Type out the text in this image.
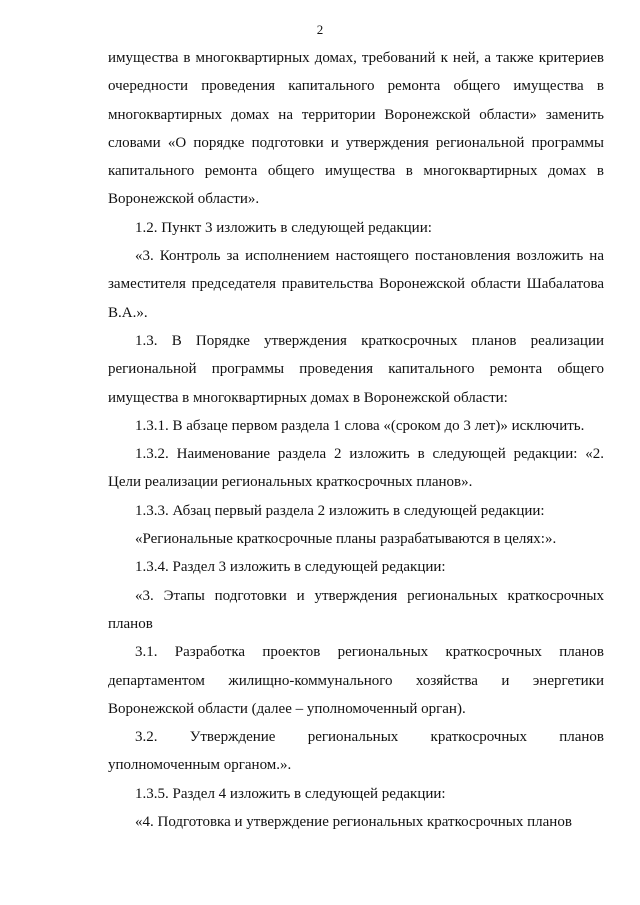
2

имущества в многоквартирных домах, требований к ней, а также критериев очередности проведения капитального ремонта общего имущества в многоквартирных домах на территории Воронежской области» заменить словами «О порядке подготовки и утверждения региональной программы капитального ремонта общего имущества в многоквартирных домах в Воронежской области».

1.2. Пункт 3 изложить в следующей редакции:

«3. Контроль за исполнением настоящего постановления возложить на заместителя председателя правительства Воронежской области Шабалатова В.А.».

1.3. В Порядке утверждения краткосрочных планов реализации региональной программы проведения капитального ремонта общего имущества в многоквартирных домах в Воронежской области:

1.3.1. В абзаце первом раздела 1 слова «(сроком до 3 лет)» исключить.

1.3.2. Наименование раздела 2 изложить в следующей редакции: «2. Цели реализации региональных краткосрочных планов».

1.3.3. Абзац первый раздела 2 изложить в следующей редакции:

«Региональные краткосрочные планы разрабатываются в целях:».

1.3.4. Раздел 3 изложить в следующей редакции:

«3. Этапы подготовки и утверждения региональных краткосрочных планов

3.1. Разработка проектов региональных краткосрочных планов департаментом жилищно-коммунального хозяйства и энергетики Воронежской области (далее – уполномоченный орган).

3.2. Утверждение региональных краткосрочных планов уполномоченным органом.».

1.3.5. Раздел 4 изложить в следующей редакции:

«4. Подготовка и утверждение региональных краткосрочных планов
